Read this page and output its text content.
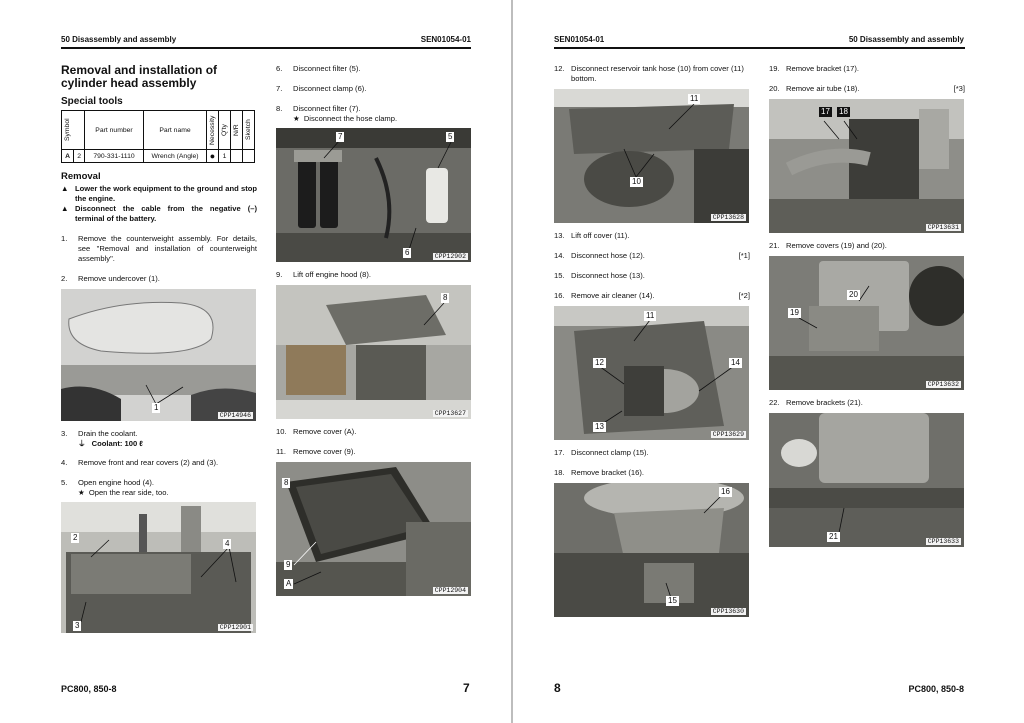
50 Disassembly and assembly	SEN01054-01
Removal and installation of cylinder head assembly
Special tools
Symbol		Part number	Part name	Necessity	Q'ty	N/R	Sketch

A	2	790-331-1110	Wrench (Angle)	●	1		
Removal
▲ Lower the work equipment to the ground and stop the engine.
▲ Disconnect the cable from the negative (–) terminal of the battery.
1.	Remove the counterweight assembly. For details, see "Removal and installation of counterweight assembly".
2.	Remove undercover (1).
1
CPP14946
3.	Drain the coolant.
⏚ Coolant: 100 ℓ
4.	Remove front and rear covers (2) and (3).
5.	Open engine hood (4).
★ Open the rear side, too.
2
4
3	CPP12901
6.	Disconnect filter (5).
7.	Disconnect clamp (6).
8.	Disconnect filter (7).
★ Disconnect the hose clamp.
7	5
6	CPP12902
9.	Lift off engine hood (8).
8
CPP13627
10. Remove cover (A).
11. Remove cover (9).
8
9
A
CPP12904
PC800, 850-8	7
SEN01054-01	50 Disassembly and assembly
12. Disconnect reservoir tank hose (10) from cover (11) bottom.
11
10
CPP13628
13. Lift off cover (11).
14. Disconnect hose (12).	[*1]
15. Disconnect hose (13).
16. Remove air cleaner (14).	[*2]
11
12	14
13
CPP13629
17. Disconnect clamp (15).
18. Remove bracket (16).
16
15
CPP13630
19. Remove bracket (17).
20. Remove air tube (18).	[*3]
17 18
CPP13631
21. Remove covers (19) and (20).
20
19
CPP13632
22. Remove brackets (21).
21
CPP13633
8	PC800, 850-8
